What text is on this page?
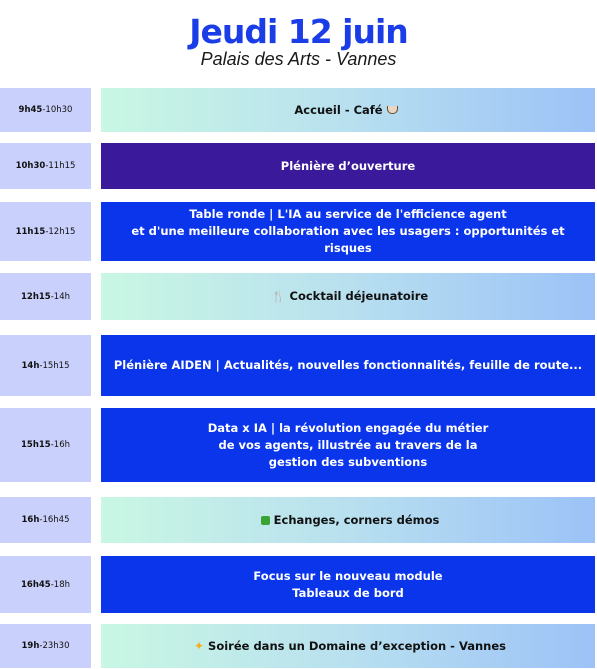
Jeudi 12 juin
Palais des Arts - Vannes
9h45 -10h30	Accueil - Café
10h30 -11h15	Plénière d’ouverture
11h15 -12h15
Table ronde | L'IA au service de l'efficience agent
et d'une meilleure collaboration avec les usagers : opportunités et risques
12h15 -14h	🍴 Cocktail déjeunatoire
14h -15h15	Plénière AIDEN | Actualités, nouvelles fonctionnalités, feuille de route...
15h15 -16h
Data x IA | la révolution engagée du métier
de vos agents, illustrée au travers de la
gestion des subventions
16h -16h45	Echanges, corners démos
16h45 -18h
Focus sur le nouveau module
Tableaux de bord
19h -23h30	✦ Soirée dans un Domaine d’exception - Vannes
